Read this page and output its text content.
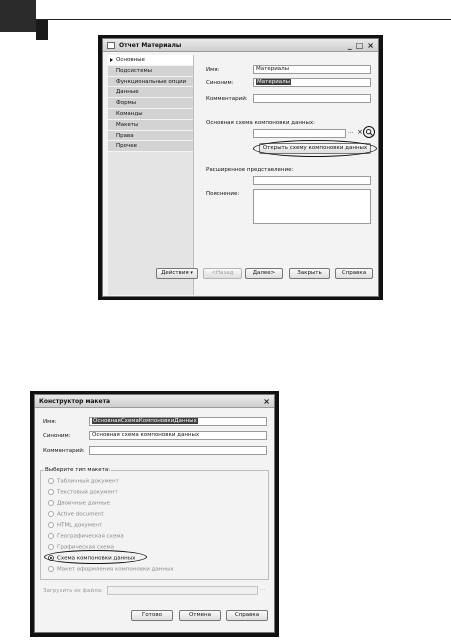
Отчет Материалы	_ □ ×
Основные
Подсистемы
Функциональные опции
Данные
Формы
Команды
Макеты
Права
Прочее
Имя:	Материалы
Синоним:	Материалы
Комментарий:
Основная схема компоновки данных:
... ×
Открыть схему компоновки данных
Расширенное представление:
Пояснение:
Действия ▾	<Назад	Далее>	Закрыть	Справка
Конструктор макета	×
Имя:	ОсновнаяСхемаКомпоновкиДанных
Синоним:	Основная схема компоновки данных
Комментарий:
Выберите тип макета:
Табличный документ
Текстовый документ
Двоичные данные
Active document
HTML документ
Географическая схема
Графическая схема
Схема компоновки данных
Макет оформления компоновки данных
Загрузить из файла:	...
Готово	Отмена	Справка
